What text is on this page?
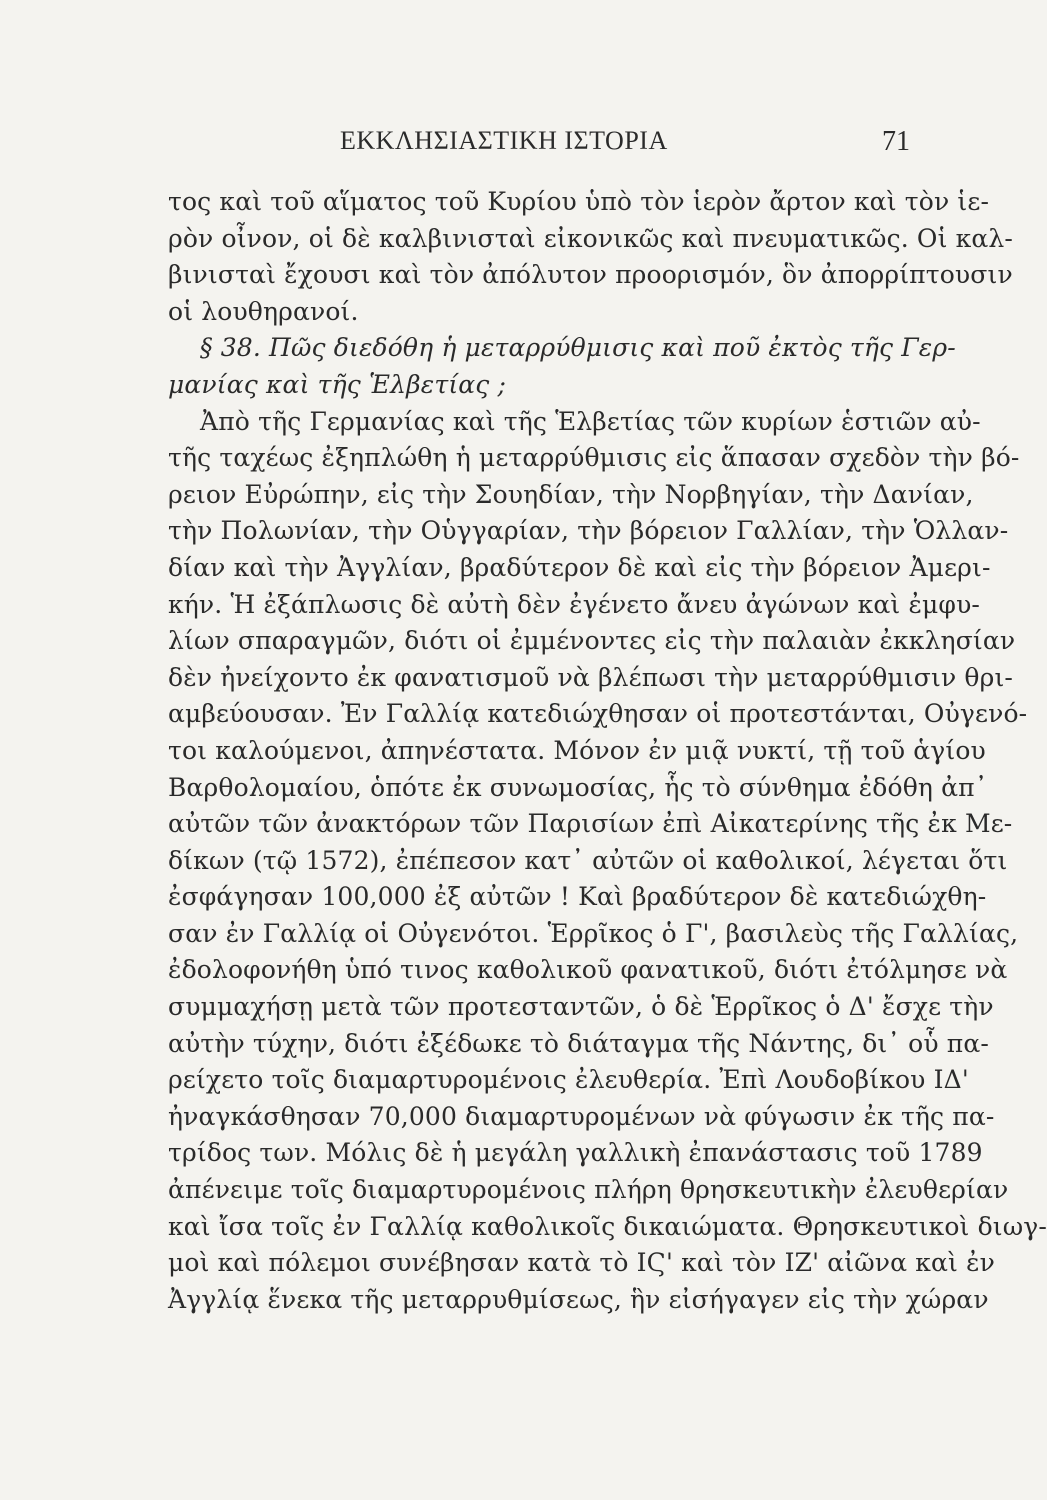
ΕΚΚΛΗΣΙΑΣΤΙΚΗ ΙΣΤΟΡΙΑ	71
τος καὶ τοῦ αἵματος τοῦ Κυρίου ὑπὸ τὸν ἱερὸν ἄρτον καὶ τὸν ἱε-
ρὸν οἶνον, οἱ δὲ καλβινισταὶ εἰκονικῶς καὶ πνευματικῶς. Οἱ καλ-
βινισταὶ ἔχουσι καὶ τὸν ἀπόλυτον προορισμόν, ὃν ἀπορρίπτουσιν
οἱ λουθηρανοί.
§ 38. Πῶς διεδόθη ἡ μεταρρύθμισις καὶ ποῦ ἐκτὸς τῆς Γερ-
μανίας καὶ τῆς Ἑλβετίας ;
Ἀπὸ τῆς Γερμανίας καὶ τῆς Ἑλβετίας τῶν κυρίων ἑστιῶν αὐ-
τῆς ταχέως ἐξηπλώθη ἡ μεταρρύθμισις εἰς ἅπασαν σχεδὸν τὴν βό-
ρειον Εὐρώπην, εἰς τὴν Σουηδίαν, τὴν Νορβηγίαν, τὴν Δανίαν,
τὴν Πολωνίαν, τὴν Οὑγγαρίαν, τὴν βόρειον Γαλλίαν, τὴν Ὁλλαν-
δίαν καὶ τὴν Ἀγγλίαν, βραδύτερον δὲ καὶ εἰς τὴν βόρειον Ἀμερι-
κήν. Ἡ ἐξάπλωσις δὲ αὐτὴ δὲν ἐγένετο ἄνευ ἀγώνων καὶ ἐμφυ-
λίων σπαραγμῶν, διότι οἱ ἐμμένοντες εἰς τὴν παλαιὰν ἐκκλησίαν
δὲν ἠνείχοντο ἐκ φανατισμοῦ νὰ βλέπωσι τὴν μεταρρύθμισιν θρι-
αμβεύουσαν. Ἐν Γαλλίᾳ κατεδιώχθησαν οἱ προτεστάνται, Οὐγενό-
τοι καλούμενοι, ἀπηνέστατα. Μόνον ἐν μιᾷ νυκτί, τῇ τοῦ ἁγίου
Βαρθολομαίου, ὁπότε ἐκ συνωμοσίας, ἧς τὸ σύνθημα ἐδόθη ἀπ᾽
αὐτῶν τῶν ἀνακτόρων τῶν Παρισίων ἐπὶ Αἰκατερίνης τῆς ἐκ Με-
δίκων (τῷ 1572), ἐπέπεσον κατ᾽ αὐτῶν οἱ καθολικοί, λέγεται ὅτι
ἐσφάγησαν 100,000 ἐξ αὐτῶν ! Καὶ βραδύτερον δὲ κατεδιώχθη-
σαν ἐν Γαλλίᾳ οἱ Οὐγενότοι. Ἑρρῖκος ὁ Γ', βασιλεὺς τῆς Γαλλίας,
ἐδολοφονήθη ὑπό τινος καθολικοῦ φανατικοῦ, διότι ἐτόλμησε νὰ
συμμαχήσῃ μετὰ τῶν προτεσταντῶν, ὁ δὲ Ἑρρῖκος ὁ Δ' ἔσχε τὴν
αὐτὴν τύχην, διότι ἐξέδωκε τὸ διάταγμα τῆς Νάντης, δι᾽ οὗ πα-
ρείχετο τοῖς διαμαρτυρομένοις ἐλευθερία. Ἐπὶ Λουδοβίκου ΙΔ'
ἠναγκάσθησαν 70,000 διαμαρτυρομένων νὰ φύγωσιν ἐκ τῆς πα-
τρίδος των. Μόλις δὲ ἡ μεγάλη γαλλικὴ ἐπανάστασις τοῦ 1789
ἀπένειμε τοῖς διαμαρτυρομένοις πλήρη θρησκευτικὴν ἐλευθερίαν
καὶ ἴσα τοῖς ἐν Γαλλίᾳ καθολικοῖς δικαιώματα. Θρησκευτικοὶ διωγ-
μοὶ καὶ πόλεμοι συνέβησαν κατὰ τὸ ΙϚ' καὶ τὸν ΙΖ' αἰῶνα καὶ ἐν
Ἀγγλίᾳ ἕνεκα τῆς μεταρρυθμίσεως, ἣν εἰσήγαγεν εἰς τὴν χώραν
